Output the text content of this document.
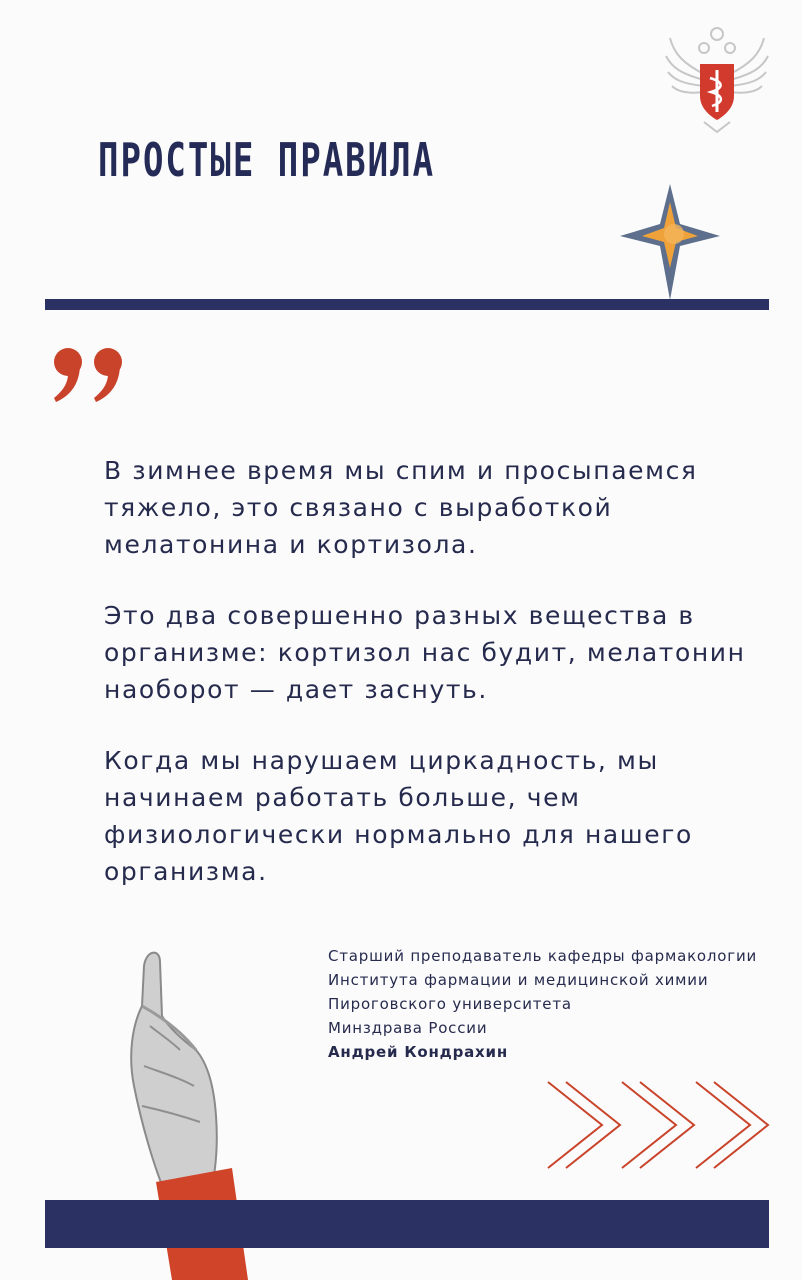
ПРОСТЫЕ ПРАВИЛА

В зимнее время мы спим и просыпаемся тяжело, это связано с выработкой мелатонина и кортизола.

Это два совершенно разных вещества в организме: кортизол нас будит, мелатонин наоборот — дает заснуть.

Когда мы нарушаем циркадность, мы начинаем работать больше, чем физиологически нормально для нашего организма.

Старший преподаватель кафедры фармакологии
Института фармации и медицинской химии
Пироговского университета
Минздрава России
Андрей Кондрахин
